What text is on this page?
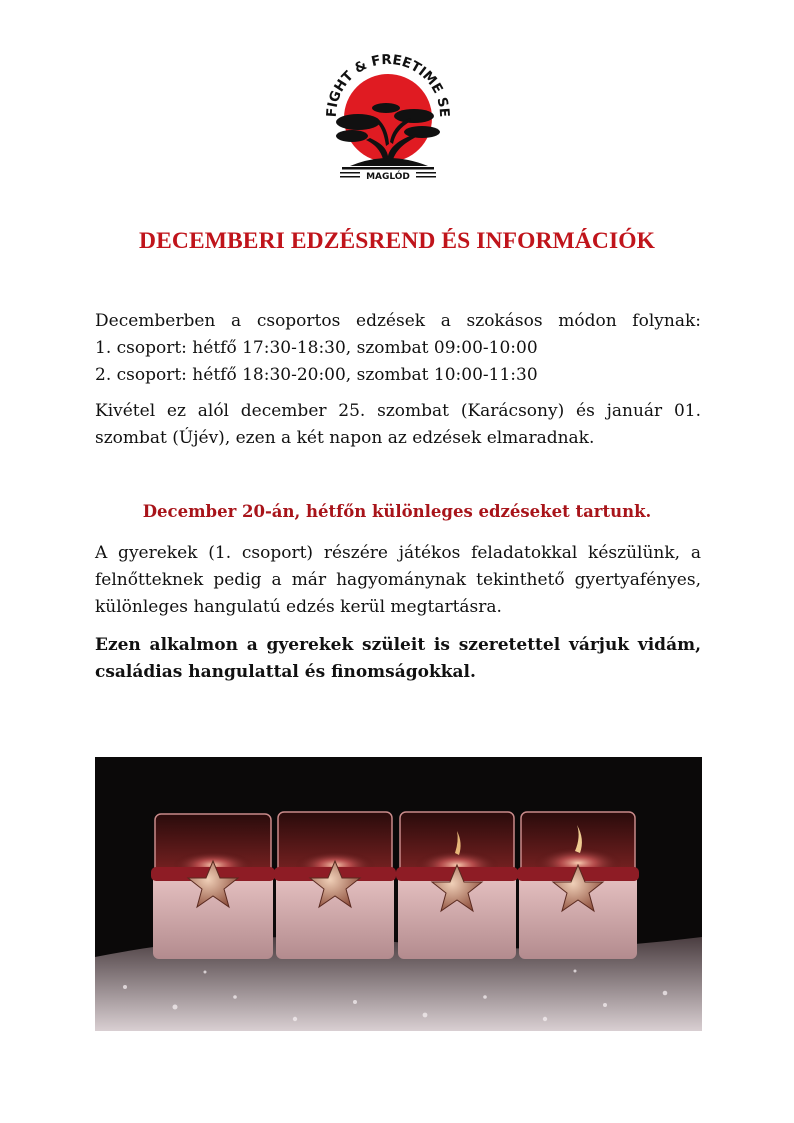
FIGHT & FREETIME SE
MAGLÓD
DECEMBERI EDZÉSREND ÉS INFORMÁCIÓK
Decemberben a csoportos edzések a szokásos módon folynak:
1. csoport: hétfő 17:30-18:30, szombat 09:00-10:00
2. csoport: hétfő 18:30-20:00, szombat 10:00-11:30
Kivétel ez alól december 25. szombat (Karácsony) és január 01. szombat (Újév), ezen a két napon az edzések elmaradnak.
December 20-án, hétfőn különleges edzéseket tartunk.
A gyerekek (1. csoport) részére játékos feladatokkal készülünk, a felnőtteknek pedig a már hagyománynak tekinthető gyertyafényes, különleges hangulatú edzés kerül megtartásra.
Ezen alkalmon a gyerekek szüleit is szeretettel várjuk vidám, családias hangulattal és finomságokkal.
